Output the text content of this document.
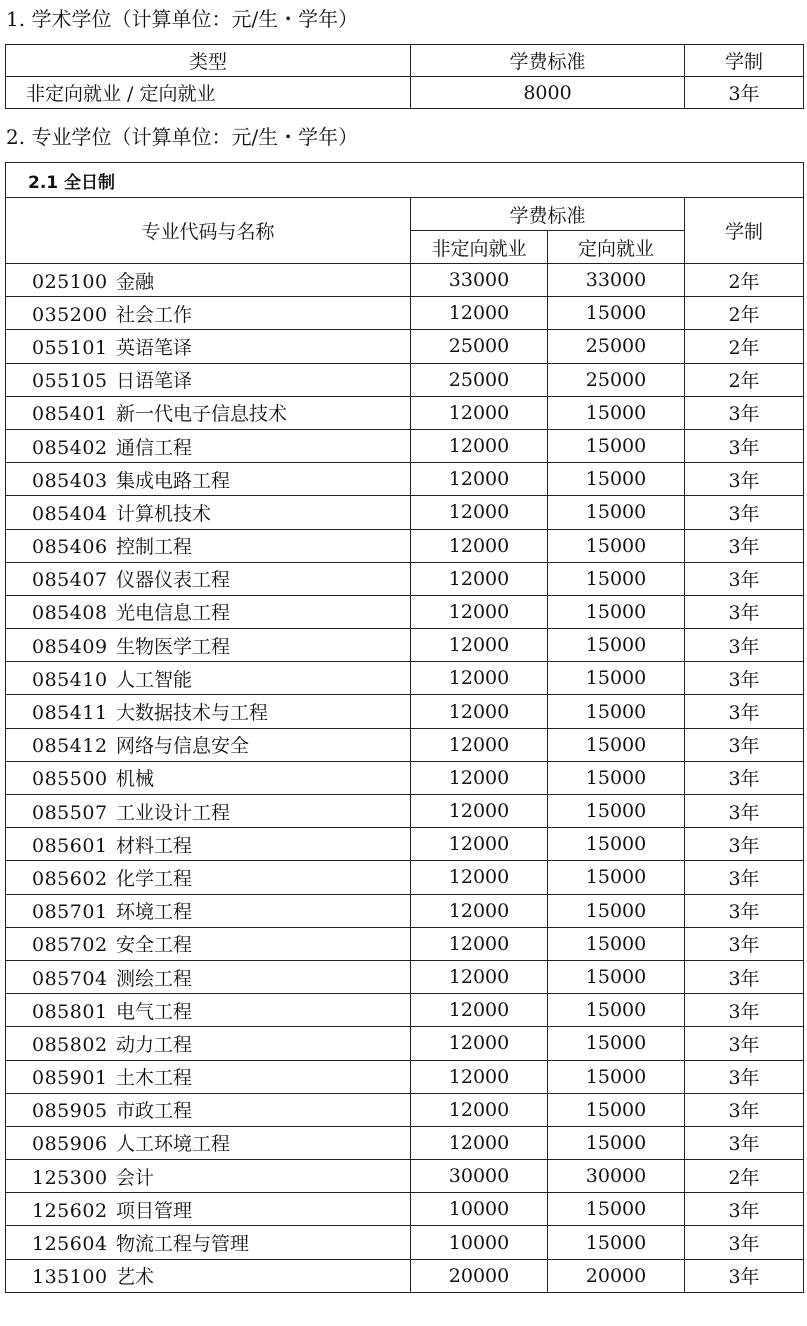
1. 学术学位（计算单位：元/生・学年）
类型	学费标准	学制
非定向就业 / 定向就业	8000	3年
2. 专业学位（计算单位：元/生・学年）
2.1 全日制			
专业代码与名称	学费标准		学制
	非定向就业	定向就业	
025100 金融	33000	33000	2年
035200 社会工作	12000	15000	2年
055101 英语笔译	25000	25000	2年
055105 日语笔译	25000	25000	2年
085401 新一代电子信息技术	12000	15000	3年
085402 通信工程	12000	15000	3年
085403 集成电路工程	12000	15000	3年
085404 计算机技术	12000	15000	3年
085406 控制工程	12000	15000	3年
085407 仪器仪表工程	12000	15000	3年
085408 光电信息工程	12000	15000	3年
085409 生物医学工程	12000	15000	3年
085410 人工智能	12000	15000	3年
085411 大数据技术与工程	12000	15000	3年
085412 网络与信息安全	12000	15000	3年
085500 机械	12000	15000	3年
085507 工业设计工程	12000	15000	3年
085601 材料工程	12000	15000	3年
085602 化学工程	12000	15000	3年
085701 环境工程	12000	15000	3年
085702 安全工程	12000	15000	3年
085704 测绘工程	12000	15000	3年
085801 电气工程	12000	15000	3年
085802 动力工程	12000	15000	3年
085901 土木工程	12000	15000	3年
085905 市政工程	12000	15000	3年
085906 人工环境工程	12000	15000	3年
125300 会计	30000	30000	2年
125602 项目管理	10000	15000	3年
125604 物流工程与管理	10000	15000	3年
135100 艺术	20000	20000	3年
